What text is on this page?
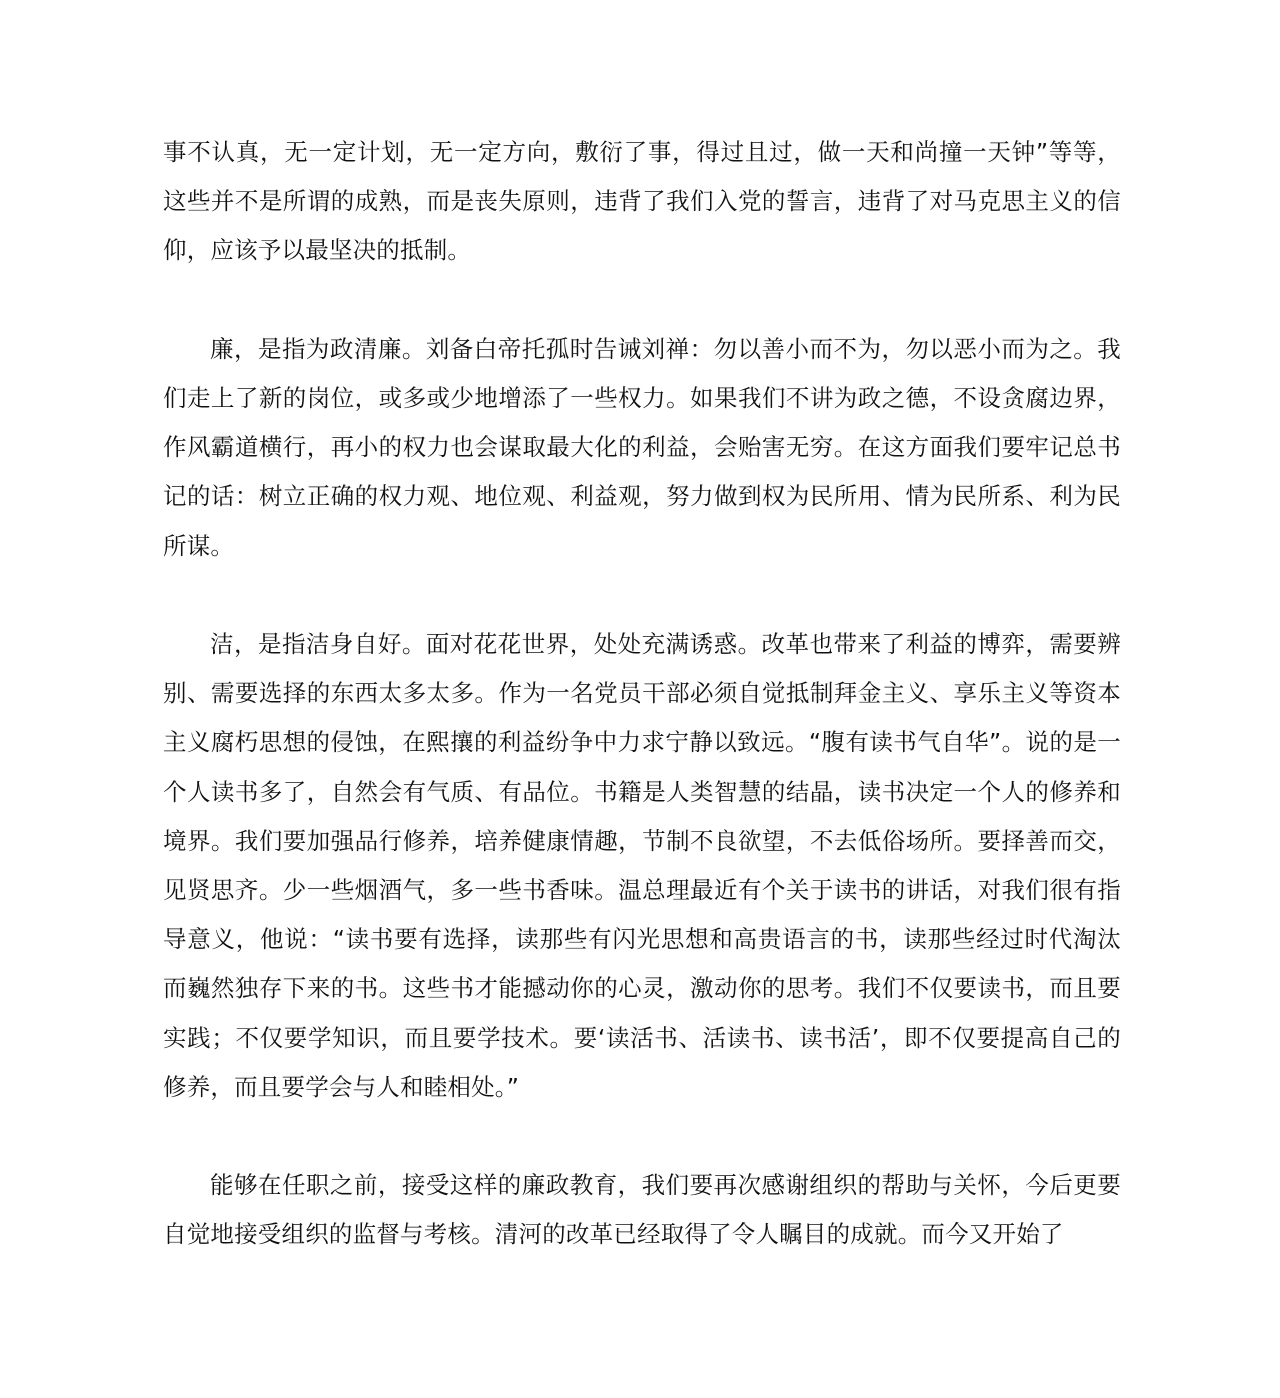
事不认真，无一定计划，无一定方向，敷衍了事，得过且过，做一天和尚撞一天钟”等等，这些并不是所谓的成熟，而是丧失原则，违背了我们入党的誓言，违背了对马克思主义的信仰，应该予以最坚决的抵制。

廉，是指为政清廉。刘备白帝托孤时告诫刘禅：勿以善小而不为，勿以恶小而为之。我们走上了新的岗位，或多或少地增添了一些权力。如果我们不讲为政之德，不设贪腐边界，作风霸道横行，再小的权力也会谋取最大化的利益，会贻害无穷。在这方面我们要牢记总书记的话：树立正确的权力观、地位观、利益观，努力做到权为民所用、情为民所系、利为民所谋。

洁，是指洁身自好。面对花花世界，处处充满诱惑。改革也带来了利益的博弈，需要辨别、需要选择的东西太多太多。作为一名党员干部必须自觉抵制拜金主义、享乐主义等资本主义腐朽思想的侵蚀，在熙攘的利益纷争中力求宁静以致远。“腹有读书气自华”。说的是一个人读书多了，自然会有气质、有品位。书籍是人类智慧的结晶，读书决定一个人的修养和境界。我们要加强品行修养，培养健康情趣，节制不良欲望，不去低俗场所。要择善而交，见贤思齐。少一些烟酒气，多一些书香味。温总理最近有个关于读书的讲话，对我们很有指导意义，他说：“读书要有选择，读那些有闪光思想和高贵语言的书，读那些经过时代淘汰而巍然独存下来的书。这些书才能撼动你的心灵，激动你的思考。我们不仅要读书，而且要实践；不仅要学知识，而且要学技术。要‘读活书、活读书、读书活’，即不仅要提高自己的修养，而且要学会与人和睦相处。”

能够在任职之前，接受这样的廉政教育，我们要再次感谢组织的帮助与关怀，今后更要自觉地接受组织的监督与考核。清河的改革已经取得了令人瞩目的成就。而今又开始了
